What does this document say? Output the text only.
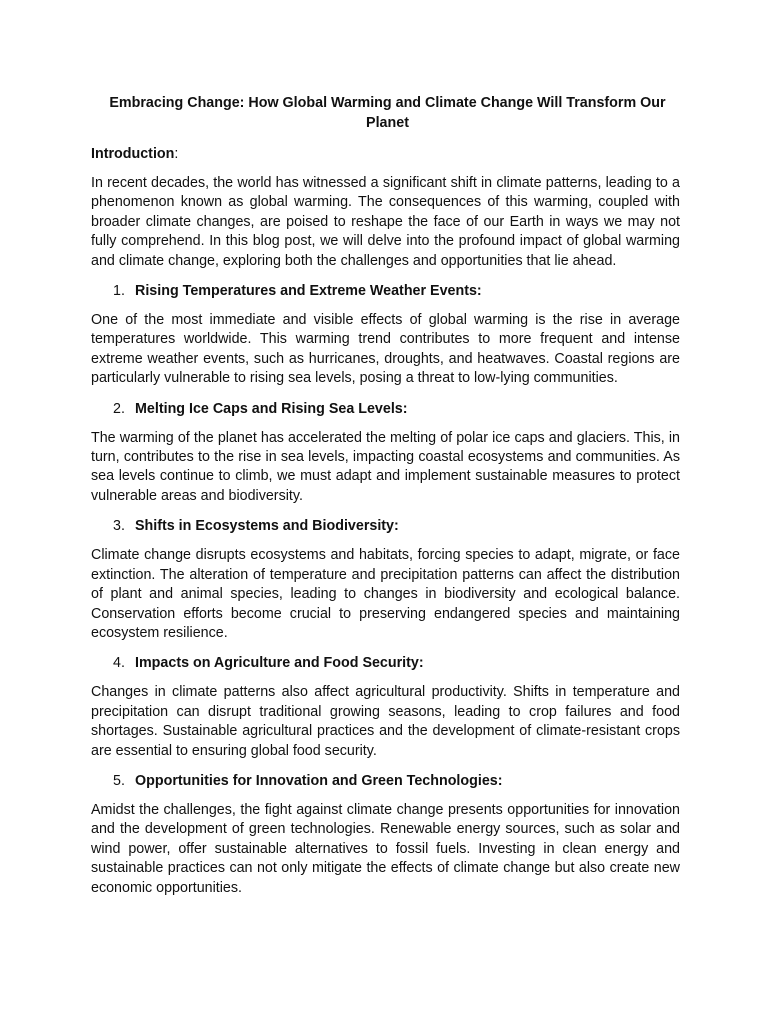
Embracing Change: How Global Warming and Climate Change Will Transform Our Planet
Introduction:

In recent decades, the world has witnessed a significant shift in climate patterns, leading to a phenomenon known as global warming. The consequences of this warming, coupled with broader climate changes, are poised to reshape the face of our Earth in ways we may not fully comprehend. In this blog post, we will delve into the profound impact of global warming and climate change, exploring both the challenges and opportunities that lie ahead.

1. Rising Temperatures and Extreme Weather Events:

One of the most immediate and visible effects of global warming is the rise in average temperatures worldwide. This warming trend contributes to more frequent and intense extreme weather events, such as hurricanes, droughts, and heatwaves. Coastal regions are particularly vulnerable to rising sea levels, posing a threat to low-lying communities.

2. Melting Ice Caps and Rising Sea Levels:

The warming of the planet has accelerated the melting of polar ice caps and glaciers. This, in turn, contributes to the rise in sea levels, impacting coastal ecosystems and communities. As sea levels continue to climb, we must adapt and implement sustainable measures to protect vulnerable areas and biodiversity.

3. Shifts in Ecosystems and Biodiversity:

Climate change disrupts ecosystems and habitats, forcing species to adapt, migrate, or face extinction. The alteration of temperature and precipitation patterns can affect the distribution of plant and animal species, leading to changes in biodiversity and ecological balance. Conservation efforts become crucial to preserving endangered species and maintaining ecosystem resilience.

4. Impacts on Agriculture and Food Security:

Changes in climate patterns also affect agricultural productivity. Shifts in temperature and precipitation can disrupt traditional growing seasons, leading to crop failures and food shortages. Sustainable agricultural practices and the development of climate-resistant crops are essential to ensuring global food security.

5. Opportunities for Innovation and Green Technologies:

Amidst the challenges, the fight against climate change presents opportunities for innovation and the development of green technologies. Renewable energy sources, such as solar and wind power, offer sustainable alternatives to fossil fuels. Investing in clean energy and sustainable practices can not only mitigate the effects of climate change but also create new economic opportunities.
